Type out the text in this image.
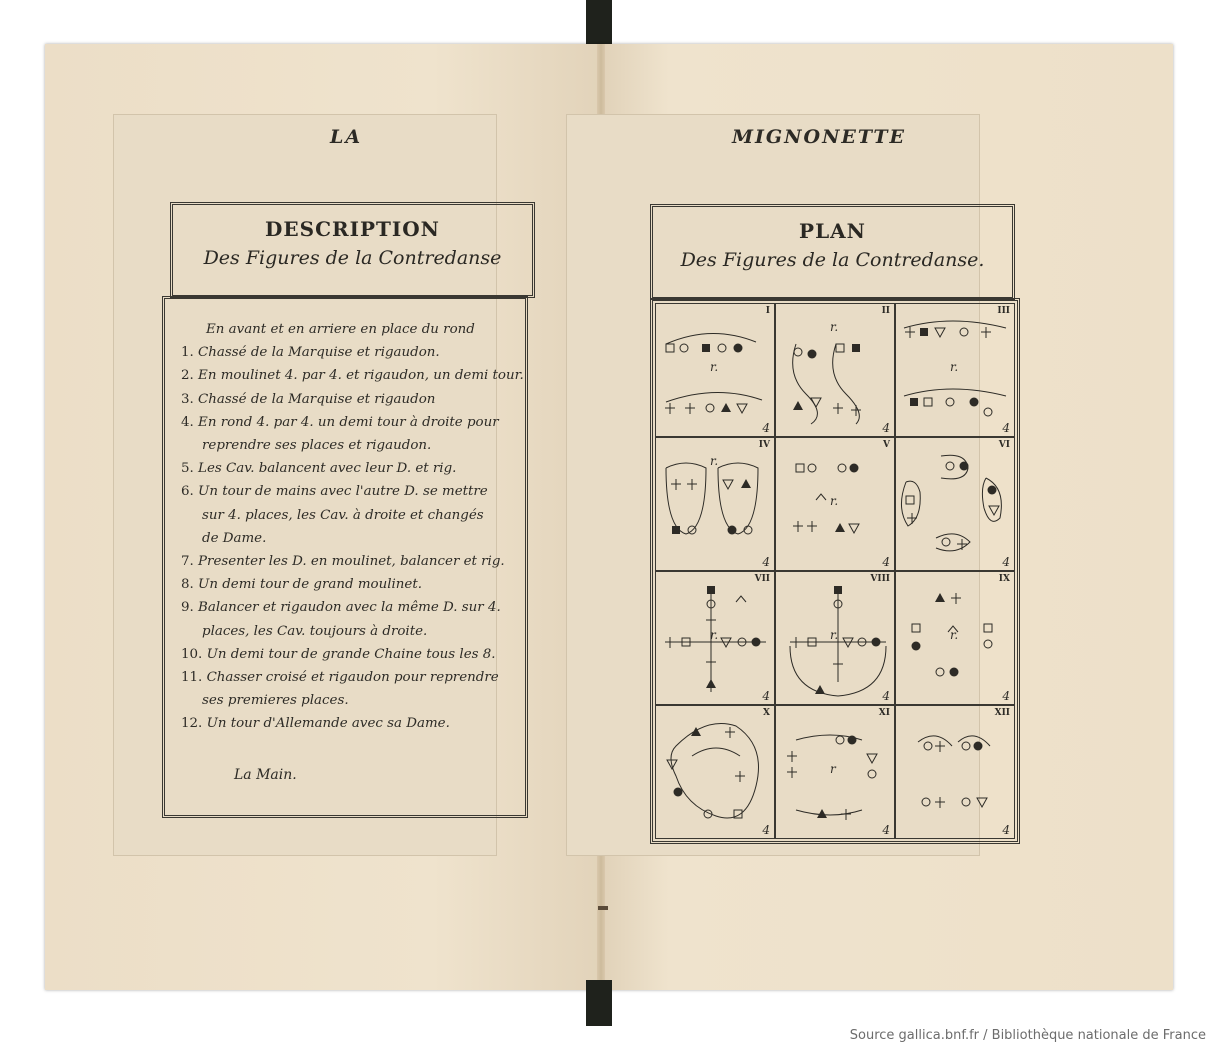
LA	MIGNONETTE
DESCRIPTION
Des Figures de la Contredanse
PLAN
Des Figures de la Contredanse.
En avant et en arriere en place du rond
1. Chassé de la Marquise et rigaudon.
2. En moulinet 4. par 4. et rigaudon, un demi tour.
3. Chassé de la Marquise et rigaudon
4. En rond 4. par 4. un demi tour à droite pour
reprendre ses places et rigaudon.
5. Les Cav. balancent avec leur D. et rig.
6. Un tour de mains avec l'autre D. se mettre
sur 4. places, les Cav. à droite et changés
de Dame.
7. Presenter les D. en moulinet, balancer et rig.
8. Un demi tour de grand moulinet.
9. Balancer et rigaudon avec la même D. sur 4.
places, les Cav. toujours à droite.
10. Un demi tour de grande Chaine tous les 8.
11. Chasser croisé et rigaudon pour reprendre
ses premieres places.
12. Un tour d'Allemande avec sa Dame.
La Main.
I
4
r.
II
4
r.
III
4
r.
IV
4
r.
V
4
r.
VI
4
VII
4
r.
VIII
4
r.
IX
4
r.
X
4
XI
4
r
XII
4
Source gallica.bnf.fr / Bibliothèque nationale de France
